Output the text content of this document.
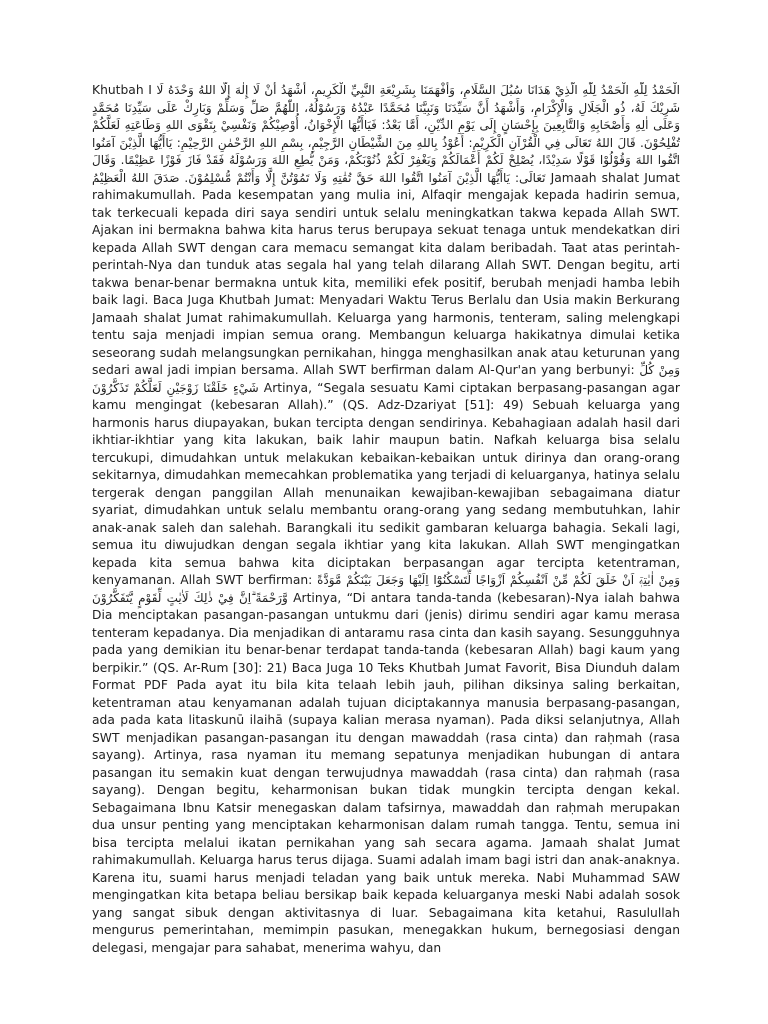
Khutbah I الْحَمْدُ لِلّٰهِ الْحَمْدُ لِلّٰهِ الَّذِيْ هَدَانَا سُبُلَ السَّلَامِ، وَأَفْهَمَنَا بِشَرِيْعَةِ النَّبِيِّ الْكَرِيمِ، أَشْهَدُ أَنْ لَا إِلٰهَ إِلَّا اللهُ وَحْدَهُ لَا شَرِيْكَ لَهُ، ذُو الْجَلَالِ وَالْإِكْرَامِ، وَأَشْهَدُ أَنَّ سَيِّدَنَا وَنَبِيَّنَا مُحَمَّدًا عَبْدُهُ وَرَسُوْلُهُ، اللّٰهُمَّ صَلِّ وَسَلِّمْ وَبَارِكْ عَلَى سَيِّدِنَا مُحَمَّدٍ وَعَلَى اٰلِهِ وَأَصْحَابِهِ وَالتَّابِعِينَ بِإِحْسَانٍ إِلَى يَوْمِ الدِّيْنِ، أَمَّا بَعْدُ: فَيَاأَيُّهَا الْإِخْوَانُ، أُوْصِيْكُمْ وَنَفْسِيْ بِتَقْوَى اللهِ وَطَاعَتِهِ لَعَلَّكُمْ تُفْلِحُوْنَ. قَالَ اللهُ تَعَالَى فِي الْقُرْآنِ الْكَرِيْمِ: أَعُوْذُ بِاللهِ مِنَ الشَّيْطَانِ الرَّجِيْمِ، بِسْمِ اللهِ الرَّحْمٰنِ الرَّحِيْمِ: يَاأَيُّهَا الَّذِيْنَ آمَنُوا اتَّقُوا اللهَ وَقُوْلُوْا قَوْلًا سَدِيْدًا، يُصْلِحْ لَكُمْ أَعْمَالَكُمْ وَيَغْفِرْ لَكُمْ ذُنُوْبَكُمْ، وَمَنْ يُّطِعِ اللهَ وَرَسُوْلَهُ فَقَدْ فَازَ فَوْزًا عَظِيْمًا. وَقَالَ تَعَالَى: يَاأَيُّهَا الَّذِيْنَ آمَنُوا اتَّقُوا اللهَ حَقَّ تُقٰتِهِ وَلَا تَمُوْتُنَّ إِلَّا وَأَنْتُمْ مُّسْلِمُوْنَ. صَدَقَ اللهُ الْعَظِيْمُ Jamaah shalat Jumat rahimakumullah. Pada kesempatan yang mulia ini, Alfaqir mengajak kepada hadirin semua, tak terkecuali kepada diri saya sendiri untuk selalu meningkatkan takwa kepada Allah SWT. Ajakan ini bermakna bahwa kita harus terus berupaya sekuat tenaga untuk mendekatkan diri kepada Allah SWT dengan cara memacu semangat kita dalam beribadah. Taat atas perintah-perintah-Nya dan tunduk atas segala hal yang telah dilarang Allah SWT. Dengan begitu, arti takwa benar-benar bermakna untuk kita, memiliki efek positif, berubah menjadi hamba lebih baik lagi. Baca Juga Khutbah Jumat: Menyadari Waktu Terus Berlalu dan Usia makin Berkurang Jamaah shalat Jumat rahimakumullah. Keluarga yang harmonis, tenteram, saling melengkapi tentu saja menjadi impian semua orang. Membangun keluarga hakikatnya dimulai ketika seseorang sudah melangsungkan pernikahan, hingga menghasilkan anak atau keturunan yang sedari awal jadi impian bersama. Allah SWT berfirman dalam Al-Qur'an yang berbunyi: وَمِنْ كُلِّ شَيْءٍ خَلَقْنَا زَوْجَيْنِ لَعَلَّكُمْ تَذَكَّرُوْنَ Artinya, “Segala sesuatu Kami ciptakan berpasang-pasangan agar kamu mengingat (kebesaran Allah).” (QS. Adz-Dzariyat [51]: 49) Sebuah keluarga yang harmonis harus diupayakan, bukan tercipta dengan sendirinya. Kebahagiaan adalah hasil dari ikhtiar-ikhtiar yang kita lakukan, baik lahir maupun batin. Nafkah keluarga bisa selalu tercukupi, dimudahkan untuk melakukan kebaikan-kebaikan untuk dirinya dan orang-orang sekitarnya, dimudahkan memecahkan problematika yang terjadi di keluarganya, hatinya selalu tergerak dengan panggilan Allah menunaikan kewajiban-kewajiban sebagaimana diatur syariat, dimudahkan untuk selalu membantu orang-orang yang sedang membutuhkan, lahir anak-anak saleh dan salehah. Barangkali itu sedikit gambaran keluarga bahagia. Sekali lagi, semua itu diwujudkan dengan segala ikhtiar yang kita lakukan. Allah SWT mengingatkan kepada kita semua bahwa kita diciptakan berpasangan agar tercipta ketentraman, kenyamanan. Allah SWT berfirman: وَمِنْ اٰيٰتِهٖٓ اَنْ خَلَقَ لَكُمْ مِّنْ اَنْفُسِكُمْ اَزْوَاجًا لِّتَسْكُنُوْٓا اِلَيْهَا وَجَعَلَ بَيْنَكُمْ مَّوَدَّةً وَّرَحْمَةً ۗاِنَّ فِيْ ذٰلِكَ لَاٰيٰتٍ لِّقَوْمٍ يَّتَفَكَّرُوْنَ Artinya, “Di antara tanda-tanda (kebesaran)-Nya ialah bahwa Dia menciptakan pasangan-pasangan untukmu dari (jenis) dirimu sendiri agar kamu merasa tenteram kepadanya. Dia menjadikan di antaramu rasa cinta dan kasih sayang. Sesungguhnya pada yang demikian itu benar-benar terdapat tanda-tanda (kebesaran Allah) bagi kaum yang berpikir.” (QS. Ar-Rum [30]: 21) Baca Juga 10 Teks Khutbah Jumat Favorit, Bisa Diunduh dalam Format PDF Pada ayat itu bila kita telaah lebih jauh, pilihan diksinya saling berkaitan, ketentraman atau kenyamanan adalah tujuan diciptakannya manusia berpasang-pasangan, ada pada kata litaskunū ilaihā (supaya kalian merasa nyaman). Pada diksi selanjutnya, Allah SWT menjadikan pasangan-pasangan itu dengan mawaddah (rasa cinta) dan raḥmah (rasa sayang). Artinya, rasa nyaman itu memang sepatunya menjadikan hubungan di antara pasangan itu semakin kuat dengan terwujudnya mawaddah (rasa cinta) dan raḥmah (rasa sayang). Dengan begitu, keharmonisan bukan tidak mungkin tercipta dengan kekal. Sebagaimana Ibnu Katsir menegaskan dalam tafsirnya, mawaddah dan raḥmah merupakan dua unsur penting yang menciptakan keharmonisan dalam rumah tangga. Tentu, semua ini bisa tercipta melalui ikatan pernikahan yang sah secara agama. Jamaah shalat Jumat rahimakumullah. Keluarga harus terus dijaga. Suami adalah imam bagi istri dan anak-anaknya. Karena itu, suami harus menjadi teladan yang baik untuk mereka. Nabi Muhammad SAW mengingatkan kita betapa beliau bersikap baik kepada keluarganya meski Nabi adalah sosok yang sangat sibuk dengan aktivitasnya di luar. Sebagaimana kita ketahui, Rasulullah mengurus pemerintahan, memimpin pasukan, menegakkan hukum, bernegosiasi dengan delegasi, mengajar para sahabat, menerima wahyu, dan
